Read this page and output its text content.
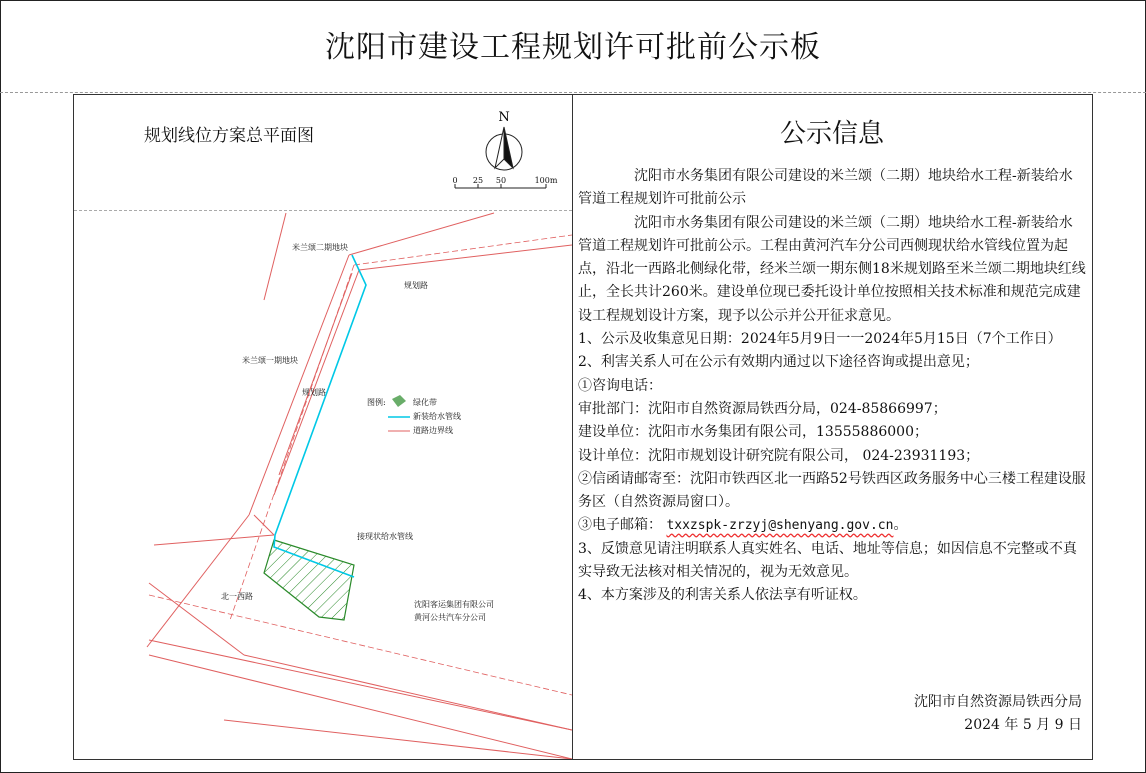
沈阳市建设工程规划许可批前公示板
规划线位方案总平面图
N
0 25 50	100m
图例:	绿化带
新装给水管线
道路边界线
米兰颂二期地块
规划路
米兰颂一期地块
规划路
接现状给水管线
北一西路
沈阳客运集团有限公司
黄河公共汽车分公司
公示信息

沈阳市水务集团有限公司建设的米兰颂（二期）地块给水工程-新装给水管道工程规划许可批前公示

沈阳市水务集团有限公司建设的米兰颂（二期）地块给水工程-新装给水管道工程规划许可批前公示。工程由黄河汽车分公司西侧现状给水管线位置为起点，沿北一西路北侧绿化带，经米兰颂一期东侧18米规划路至米兰颂二期地块红线止，全长共计260米。建设单位现已委托设计单位按照相关技术标准和规范完成建设工程规划设计方案，现予以公示并公开征求意见。

1、公示及收集意见日期：2024年5月9日一一2024年5月15日（7个工作日）

2、利害关系人可在公示有效期内通过以下途径咨询或提出意见；

①咨询电话：

审批部门：沈阳市自然资源局铁西分局，024-85866997；

建设单位：沈阳市水务集团有限公司，13555886000；

设计单位：沈阳市规划设计研究院有限公司， 024-23931193；

②信函请邮寄至：沈阳市铁西区北一西路52号铁西区政务服务中心三楼工程建设服务区（自然资源局窗口）。

③电子邮箱： txxzspk-zrzyj@shenyang.gov.cn。

3、反馈意见请注明联系人真实姓名、电话、地址等信息；如因信息不完整或不真实导致无法核对相关情况的，视为无效意见。

4、本方案涉及的利害关系人依法享有听证权。

沈阳市自然资源局铁西分局
2024 年 5 月 9 日
